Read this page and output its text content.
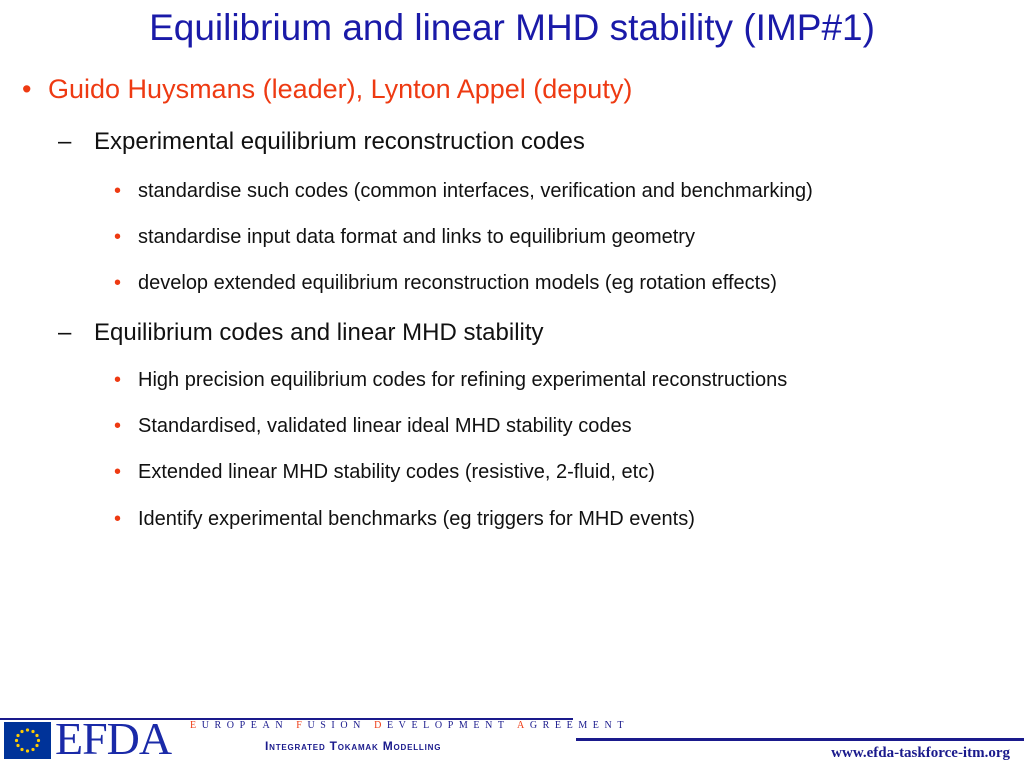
Equilibrium and linear MHD stability (IMP#1)
• Guido Huysmans (leader), Lynton Appel (deputy)
– Experimental equilibrium reconstruction codes
• standardise such codes (common interfaces, verification and benchmarking)
• standardise input data format and links to equilibrium geometry
• develop extended equilibrium reconstruction models (eg rotation effects)
– Equilibrium codes and linear MHD stability
• High precision equilibrium codes for refining experimental reconstructions
• Standardised, validated linear ideal MHD stability codes
• Extended linear MHD stability codes (resistive, 2-fluid, etc)
• Identify experimental benchmarks (eg triggers for MHD events)
EFDA EUROPEAN FUSION DEVELOPMENT AGREEMENT
Integrated Tokamak Modelling	www.efda-taskforce-itm.org
